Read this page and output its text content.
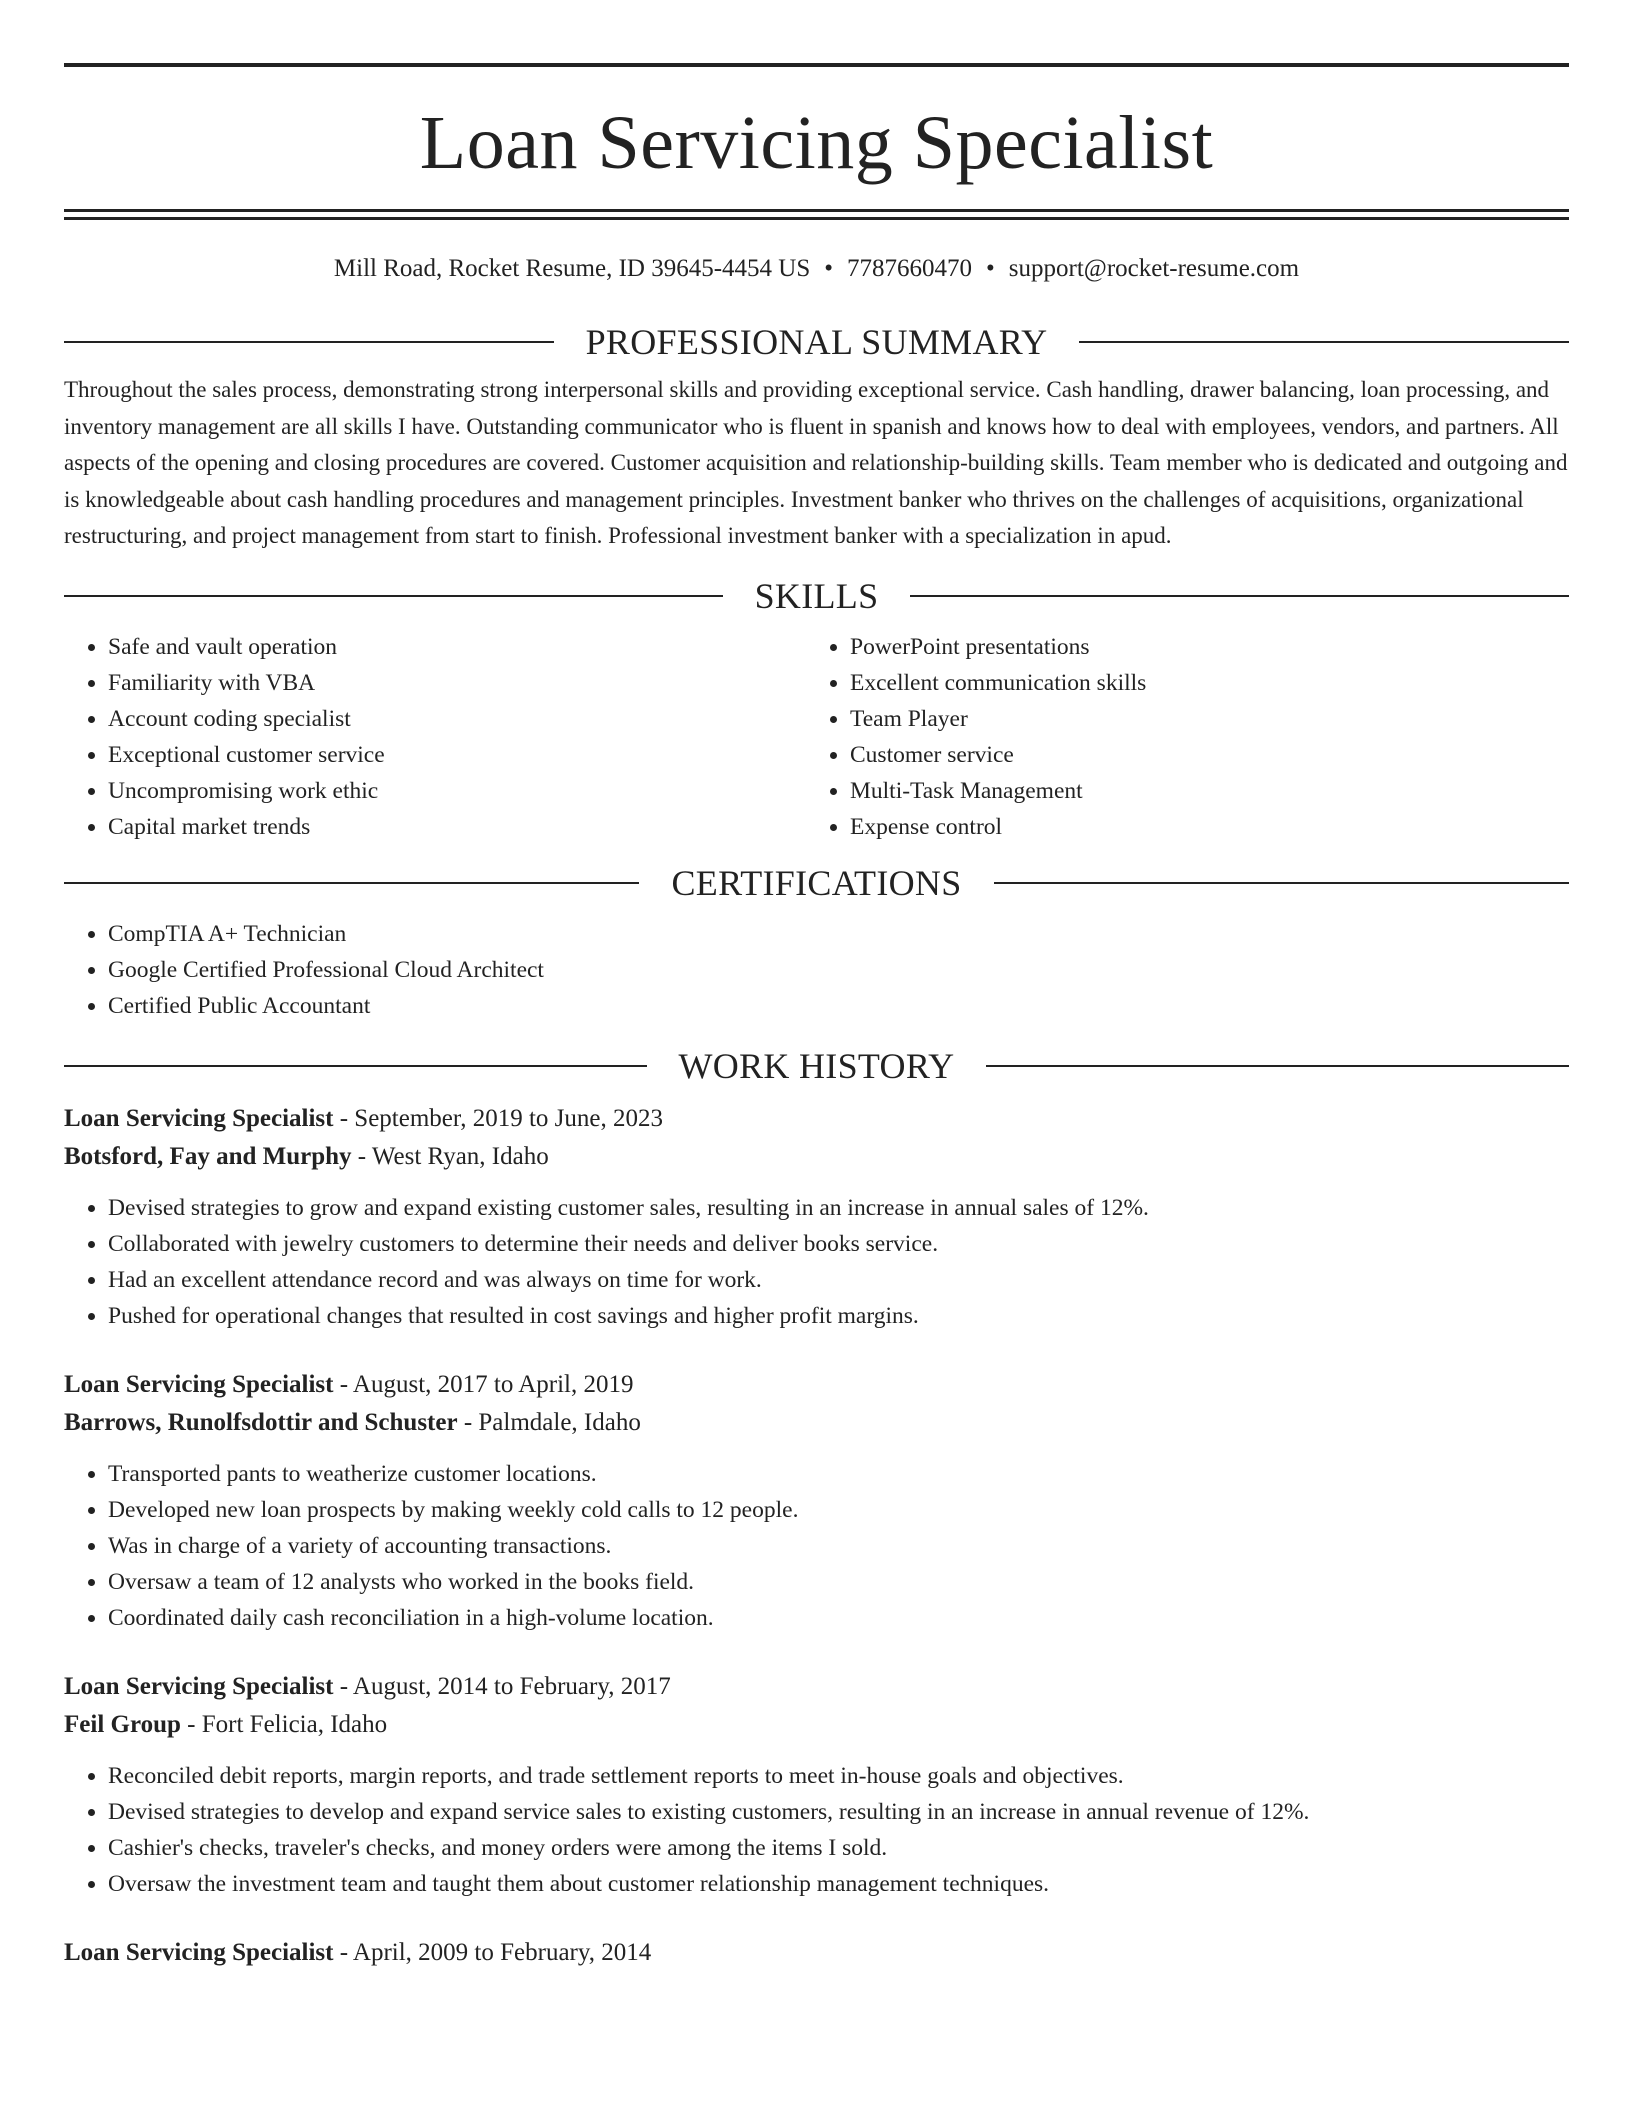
Loan Servicing Specialist
Mill Road, Rocket Resume, ID 39645-4454 US • 7787660470 • support@rocket-resume.com
PROFESSIONAL SUMMARY
Throughout the sales process, demonstrating strong interpersonal skills and providing exceptional service. Cash handling, drawer balancing, loan processing, and inventory management are all skills I have. Outstanding communicator who is fluent in spanish and knows how to deal with employees, vendors, and partners. All aspects of the opening and closing procedures are covered. Customer acquisition and relationship-building skills. Team member who is dedicated and outgoing and is knowledgeable about cash handling procedures and management principles. Investment banker who thrives on the challenges of acquisitions, organizational restructuring, and project management from start to finish. Professional investment banker with a specialization in apud.
SKILLS
• Safe and vault operation
• Familiarity with VBA
• Account coding specialist
• Exceptional customer service
• Uncompromising work ethic
• Capital market trends
• PowerPoint presentations
• Excellent communication skills
• Team Player
• Customer service
• Multi-Task Management
• Expense control
CERTIFICATIONS
• CompTIA A+ Technician
• Google Certified Professional Cloud Architect
• Certified Public Accountant
WORK HISTORY
Loan Servicing Specialist - September, 2019 to June, 2023
Botsford, Fay and Murphy - West Ryan, Idaho
• Devised strategies to grow and expand existing customer sales, resulting in an increase in annual sales of 12%.
• Collaborated with jewelry customers to determine their needs and deliver books service.
• Had an excellent attendance record and was always on time for work.
• Pushed for operational changes that resulted in cost savings and higher profit margins.
Loan Servicing Specialist - August, 2017 to April, 2019
Barrows, Runolfsdottir and Schuster - Palmdale, Idaho
• Transported pants to weatherize customer locations.
• Developed new loan prospects by making weekly cold calls to 12 people.
• Was in charge of a variety of accounting transactions.
• Oversaw a team of 12 analysts who worked in the books field.
• Coordinated daily cash reconciliation in a high-volume location.
Loan Servicing Specialist - August, 2014 to February, 2017
Feil Group - Fort Felicia, Idaho
• Reconciled debit reports, margin reports, and trade settlement reports to meet in-house goals and objectives.
• Devised strategies to develop and expand service sales to existing customers, resulting in an increase in annual revenue of 12%.
• Cashier's checks, traveler's checks, and money orders were among the items I sold.
• Oversaw the investment team and taught them about customer relationship management techniques.
Loan Servicing Specialist - April, 2009 to February, 2014
